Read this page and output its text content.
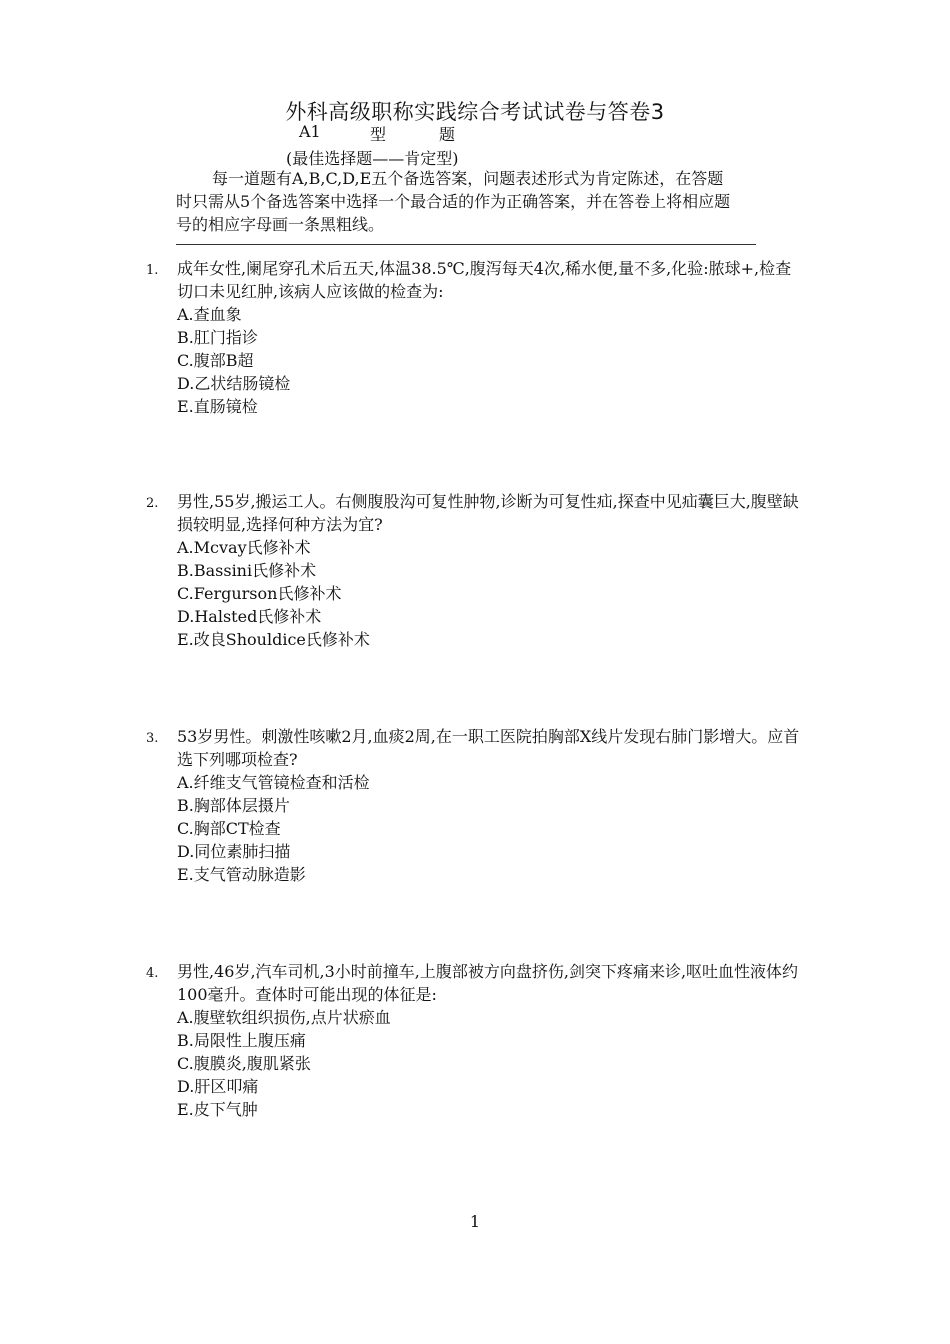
外科高级职称实践综合考试试卷与答卷3
A1	型	题
(最佳选择题——肯定型)
每一道题有A,B,C,D,E五个备选答案，问题表述形式为肯定陈述，在答题时只需从5个备选答案中选择一个最合适的作为正确答案，并在答卷上将相应题号的相应字母画一条黑粗线。
1. 成年女性,阑尾穿孔术后五天,体温38.5℃,腹泻每天4次,稀水便,量不多,化验:脓球+,检查切口未见红肿,该病人应该做的检查为:
A.查血象
B.肛门指诊
C.腹部B超
D.乙状结肠镜检
E.直肠镜检
2. 男性,55岁,搬运工人。右侧腹股沟可复性肿物,诊断为可复性疝,探查中见疝囊巨大,腹壁缺损较明显,选择何种方法为宜?
A.Mcvay氏修补术
B.Bassini氏修补术
C.Fergurson氏修补术
D.Halsted氏修补术
E.改良Shouldice氏修补术
3. 53岁男性。刺激性咳嗽2月,血痰2周,在一职工医院拍胸部X线片发现右肺门影增大。应首选下列哪项检查?
A.纤维支气管镜检查和活检
B.胸部体层摄片
C.胸部CT检查
D.同位素肺扫描
E.支气管动脉造影
4. 男性,46岁,汽车司机,3小时前撞车,上腹部被方向盘挤伤,剑突下疼痛来诊,呕吐血性液体约100毫升。查体时可能出现的体征是:
A.腹壁软组织损伤,点片状瘀血
B.局限性上腹压痛
C.腹膜炎,腹肌紧张
D.肝区叩痛
E.皮下气肿
1
